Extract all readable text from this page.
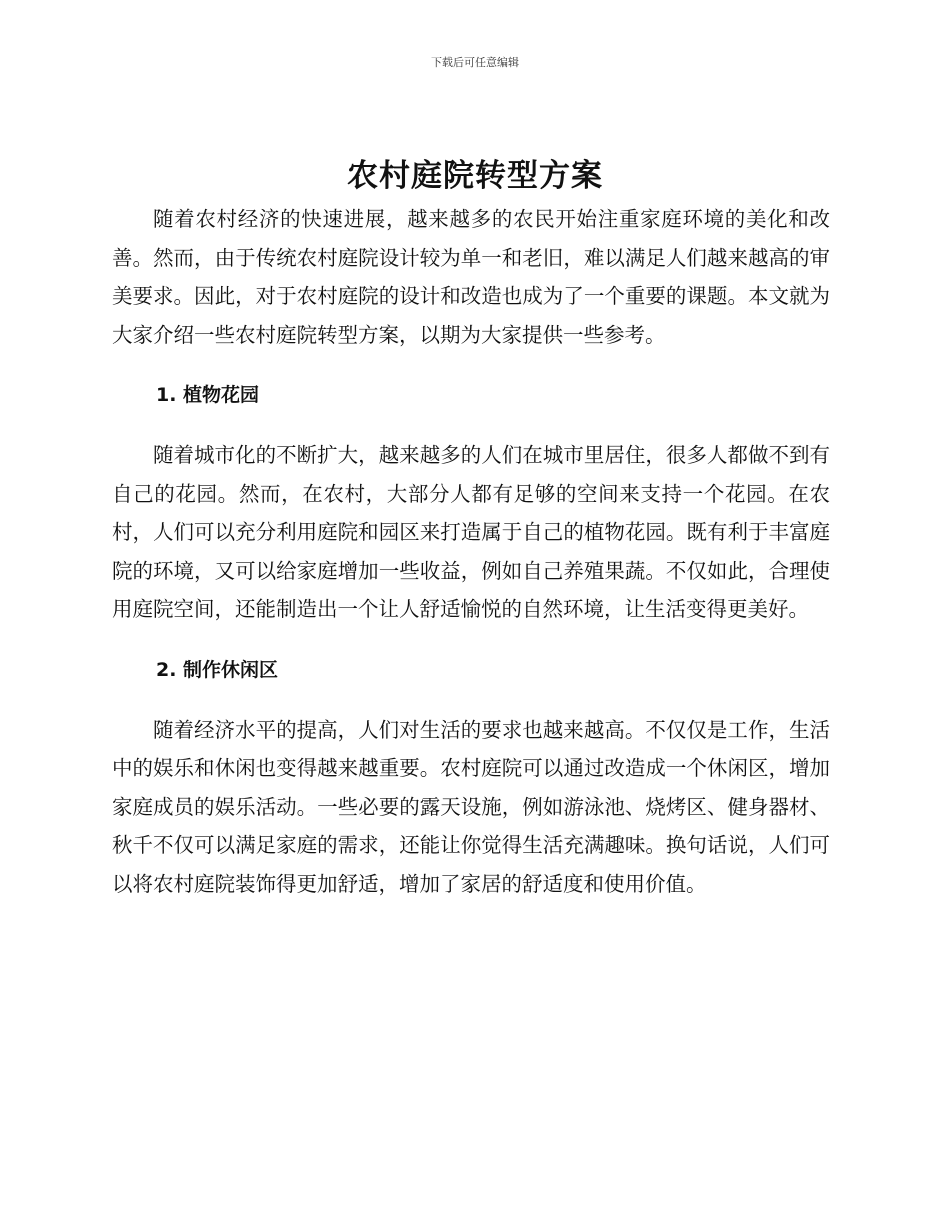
下载后可任意编辑
农村庭院转型方案

随着农村经济的快速进展，越来越多的农民开始注重家庭环境的美化和改善。然而，由于传统农村庭院设计较为单一和老旧，难以满足人们越来越高的审美要求。因此，对于农村庭院的设计和改造也成为了一个重要的课题。本文就为大家介绍一些农村庭院转型方案，以期为大家提供一些参考。

1. 植物花园

随着城市化的不断扩大，越来越多的人们在城市里居住，很多人都做不到有自己的花园。然而，在农村，大部分人都有足够的空间来支持一个花园。在农村，人们可以充分利用庭院和园区来打造属于自己的植物花园。既有利于丰富庭院的环境，又可以给家庭增加一些收益，例如自己养殖果蔬。不仅如此，合理使用庭院空间，还能制造出一个让人舒适愉悦的自然环境，让生活变得更美好。

2. 制作休闲区

随着经济水平的提高，人们对生活的要求也越来越高。不仅仅是工作，生活中的娱乐和休闲也变得越来越重要。农村庭院可以通过改造成一个休闲区，增加家庭成员的娱乐活动。一些必要的露天设施，例如游泳池、烧烤区、健身器材、秋千不仅可以满足家庭的需求，还能让你觉得生活充满趣味。换句话说，人们可以将农村庭院装饰得更加舒适，增加了家居的舒适度和使用价值。
